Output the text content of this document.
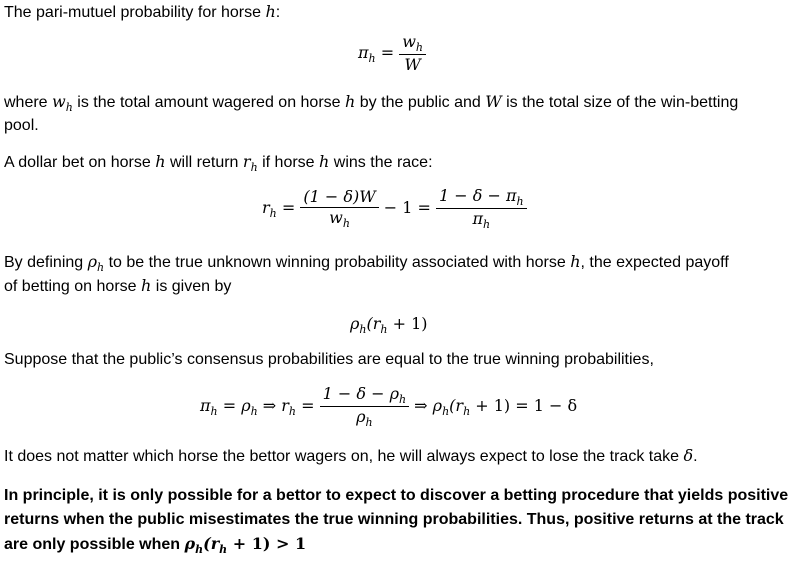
The pari-mutuel probability for horse h:
$\pi_h = \frac{w_h}{W}$
where $w_h$ is the total amount wagered on horse h by the public and W is the total size of the win-betting
pool.
A dollar bet on horse h will return $r_h$ if horse h wins the race:
$r_h = \frac{(1 - \delta)W}{w_h} - 1 = \frac{1 - \delta - \pi_h}{\pi_h}$
By defining $\rho_h$ to be the true unknown winning probability associated with horse h, the expected payoff
of betting on horse h is given by
$\rho_h(r_h + 1)$
Suppose that the public’s consensus probabilities are equal to the true winning probabilities,
$\pi_h = \rho_h$ ⇒ $r_h = \frac{1 - \delta - \rho_h}{\rho_h}$ ⇒ $\rho_h(r_h + 1) = 1 - \delta$
It does not matter which horse the bettor wagers on, he will always expect to lose the track take δ.
In principle, it is only possible for a bettor to expect to discover a betting procedure that yields positive
returns when the public misestimates the true winning probabilities. Thus, positive returns at the track
are only possible when $\rho_h(r_h + 1) > 1$
